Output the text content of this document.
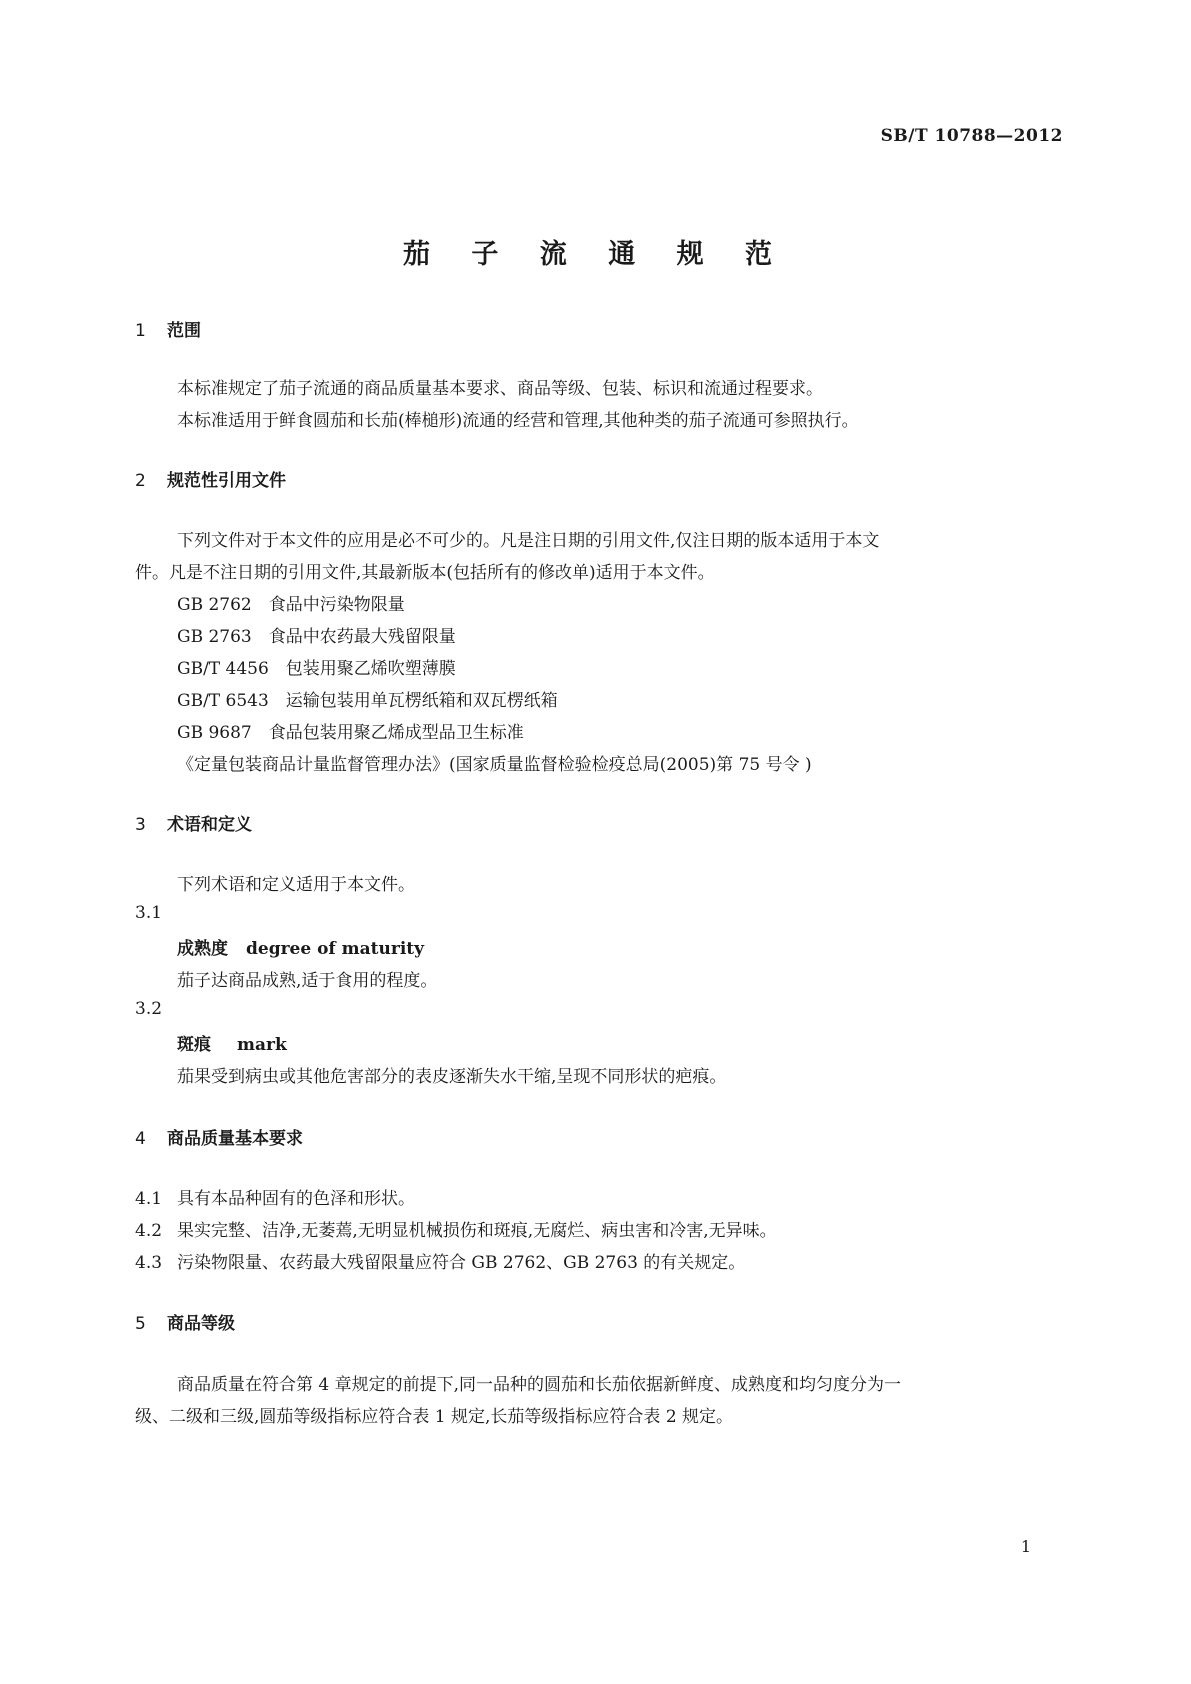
SB/T 10788—2012
茄 子 流 通 规 范
1 范围
本标准规定了茄子流通的商品质量基本要求、商品等级、包装、标识和流通过程要求。
本标准适用于鲜食圆茄和长茄(棒槌形)流通的经营和管理,其他种类的茄子流通可参照执行。
2 规范性引用文件
下列文件对于本文件的应用是必不可少的。凡是注日期的引用文件,仅注日期的版本适用于本文
件。凡是不注日期的引用文件,其最新版本(包括所有的修改单)适用于本文件。
GB 2762　食品中污染物限量
GB 2763　食品中农药最大残留限量
GB/T 4456　包装用聚乙烯吹塑薄膜
GB/T 6543　运输包装用单瓦楞纸箱和双瓦楞纸箱
GB 9687　食品包装用聚乙烯成型品卫生标准
《定量包装商品计量监督管理办法》(国家质量监督检验检疫总局(2005)第 75 号令 )
3 术语和定义
下列术语和定义适用于本文件。
3.1
成熟度 degree of maturity
茄子达商品成熟,适于食用的程度。
3.2
斑痕 mark
茄果受到病虫或其他危害部分的表皮逐渐失水干缩,呈现不同形状的疤痕。
4 商品质量基本要求
4.1 具有本品种固有的色泽和形状。
4.2 果实完整、洁净,无萎蔫,无明显机械损伤和斑痕,无腐烂、病虫害和冷害,无异味。
4.3 污染物限量、农药最大残留限量应符合 GB 2762、GB 2763 的有关规定。
5 商品等级
商品质量在符合第 4 章规定的前提下,同一品种的圆茄和长茄依据新鲜度、成熟度和均匀度分为一
级、二级和三级,圆茄等级指标应符合表 1 规定,长茄等级指标应符合表 2 规定。
1
